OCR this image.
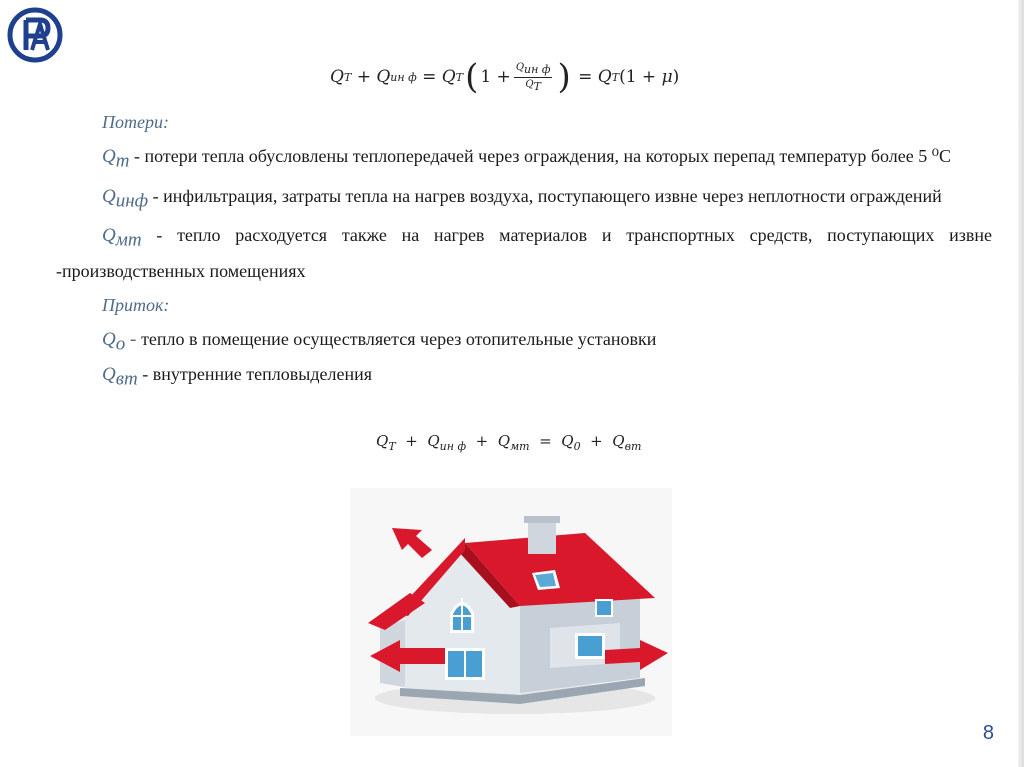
Q T
+
Q ин ф
=
Q T ( $1 + \frac{Q_{ин ф}}{Q_T}$ ) = Q T ( 1 + μ )
Потери:
$Q_т$ - потери тепла обусловлены теплопередачей через ограждения, на которых перепад температур более 5 ⁰С
$Q_{инф}$ - инфильтрация, затраты тепла на нагрев воздуха, поступающего извне через неплотности ограждений
$Q_{мт}$ - тепло расходуется также на нагрев материалов и транспортных средств, поступающих извне -производственных помещениях
Приток:
$Q_о$ - тепло в помещение осуществляется через отопительные установки
$Q_{вт}$ - внутренние тепловыделения
$Q_T + Q_{ин ф} + Q_{мт} = Q_0 + Q_{вт}$
8
